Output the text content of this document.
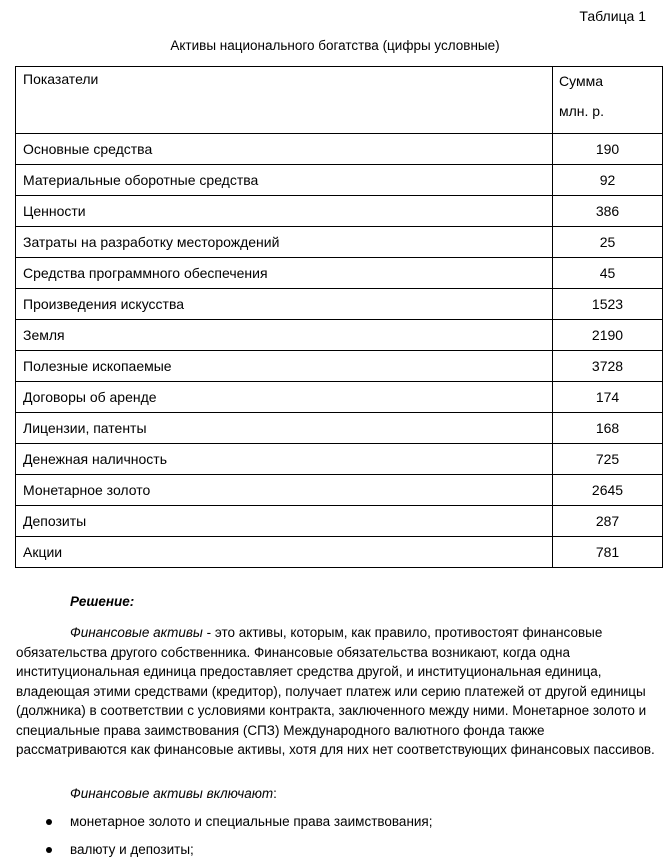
Таблица 1
Активы национального богатства (цифры условные)
Показатели	Сумма
млн. р.

Основные средства	190
Материальные оборотные средства	92
Ценности	386
Затраты на разработку месторождений	25
Средства программного обеспечения	45
Произведения искусства	1523
Земля	2190
Полезные ископаемые	3728
Договоры об аренде	174
Лицензии, патенты	168
Денежная наличность	725
Монетарное золото	2645
Депозиты	287
Акции	781
Решение:

Финансовые активы - это активы, которым, как правило, противостоят финансовые обязательства другого собственника. Финансовые обязательства возникают, когда одна институциональная единица предоставляет средства другой, и институциональная единица, владеющая этими средствами (кредитор), получает платеж или серию платежей от другой единицы (должника) в соответствии с условиями контракта, заключенного между ними. Монетарное золото и специальные права заимствования (СПЗ) Международного валютного фонда также рассматриваются как финансовые активы, хотя для них нет соответствующих финансовых пассивов.

Финансовые активы включают:
монетарное золото и специальные права заимствования;
валюту и депозиты;
